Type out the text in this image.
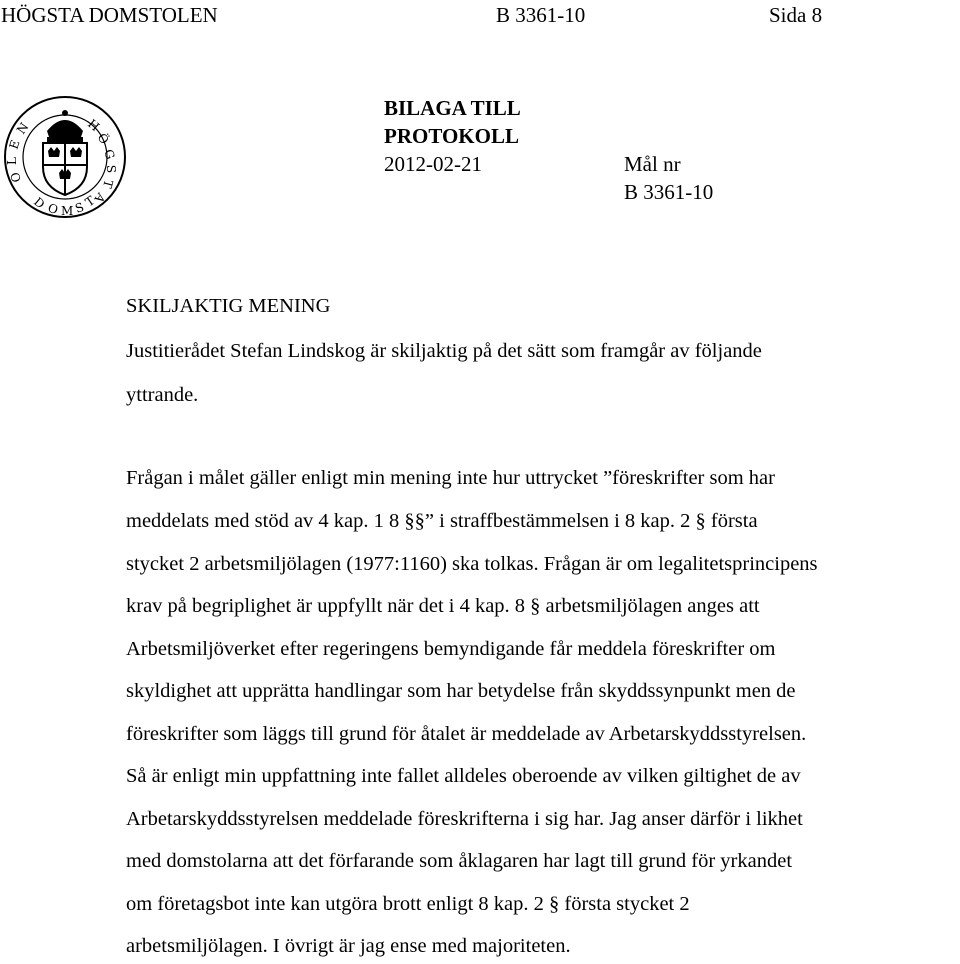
HÖGSTA DOMSTOLEN	B 3361-10	Sida 8
H
Ö
G
S
T
A
O
L
E
N
D
O M S
T
BILAGA TILL
PROTOKOLL
2012-02-21	Mål nr
B 3361-10
SKILJAKTIG MENING
Justitierådet Stefan Lindskog är skiljaktig på det sätt som framgår av följande
yttrande.
Frågan i målet gäller enligt min mening inte hur uttrycket ”föreskrifter som har
meddelats med stöd av 4 kap. 1 8 §§” i straffbestämmelsen i 8 kap. 2 § första
stycket 2 arbetsmiljölagen (1977:1160) ska tolkas. Frågan är om legalitetsprincipens
krav på begriplighet är uppfyllt när det i 4 kap. 8 § arbetsmiljölagen anges att
Arbetsmiljöverket efter regeringens bemyndigande får meddela föreskrifter om
skyldighet att upprätta handlingar som har betydelse från skyddssynpunkt men de
föreskrifter som läggs till grund för åtalet är meddelade av Arbetarskyddsstyrelsen.
Så är enligt min uppfattning inte fallet alldeles oberoende av vilken giltighet de av
Arbetarskyddsstyrelsen meddelade föreskrifterna i sig har. Jag anser därför i likhet
med domstolarna att det förfarande som åklagaren har lagt till grund för yrkandet
om företagsbot inte kan utgöra brott enligt 8 kap. 2 § första stycket 2
arbetsmiljölagen. I övrigt är jag ense med majoriteten.
